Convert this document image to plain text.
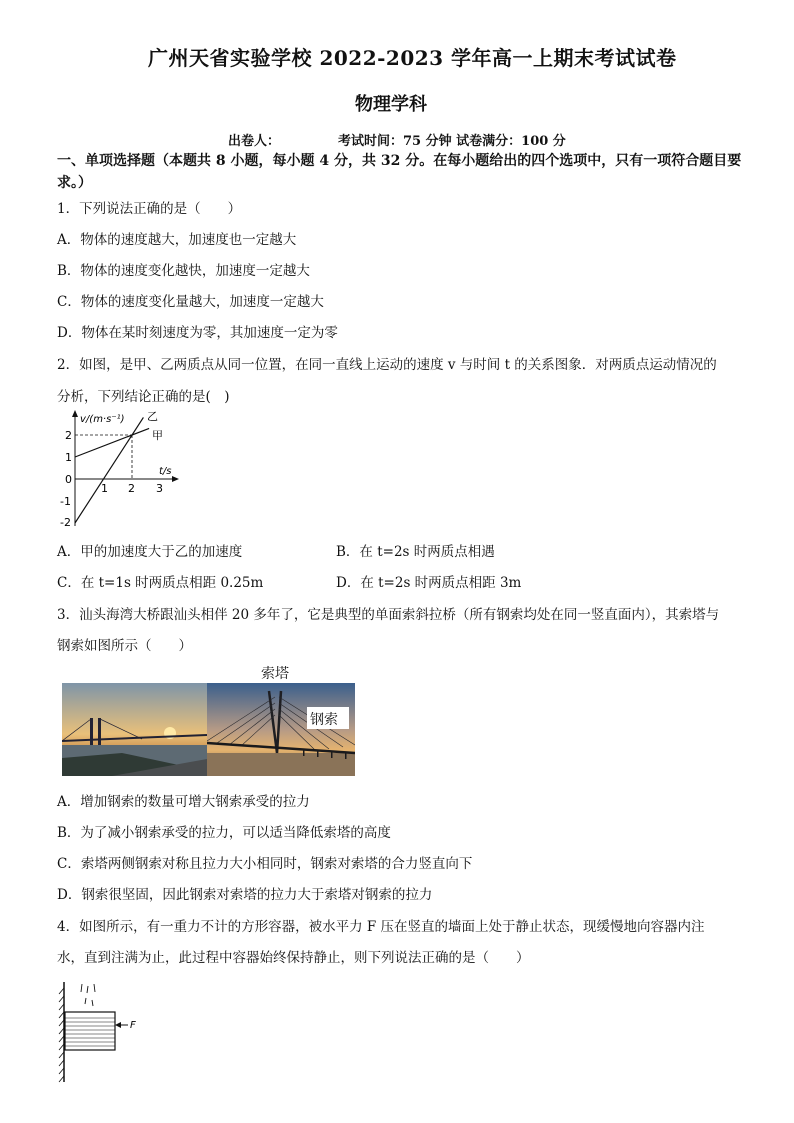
广州天省实验学校 2022-2023 学年高一上期末考试试卷
物理学科
出卷人：	考试时间：75 分钟 试卷满分：100 分
一、单项选择题（本题共 8 小题，每小题 4 分，共 32 分。在每小题给出的四个选项中，只有一项符合题目要
求。）
1．下列说法正确的是（　　）
A．物体的速度越大，加速度也一定越大
B．物体的速度变化越快，加速度一定越大
C．物体的速度变化量越大，加速度一定越大
D．物体在某时刻速度为零，其加速度一定为零
2．如图，是甲、乙两质点从同一位置，在同一直线上运动的速度 v 与时间 t 的关系图象．对两质点运动情况的
分析，下列结论正确的是(　)
v/(m·s⁻¹)
t/s
2
1
0
-1
-2
1 2 3
乙
甲
A．甲的加速度大于乙的加速度	B．在 t=2s 时两质点相遇
C．在 t=1s 时两质点相距 0.25m	D．在 t=2s 时两质点相距 3m
3．汕头海湾大桥跟汕头相伴 20 多年了，它是典型的单面索斜拉桥（所有钢索均处在同一竖直面内），其索塔与
钢索如图所示（　　）
索塔
钢索
A．增加钢索的数量可增大钢索承受的拉力
B．为了减小钢索承受的拉力，可以适当降低索塔的高度
C．索塔两侧钢索对称且拉力大小相同时，钢索对索塔的合力竖直向下
D．钢索很坚固，因此钢索对索塔的拉力大于索塔对钢索的拉力
4．如图所示，有一重力不计的方形容器，被水平力 F 压在竖直的墙面上处于静止状态，现缓慢地向容器内注
水，直到注满为止，此过程中容器始终保持静止，则下列说法正确的是（　　）
F
